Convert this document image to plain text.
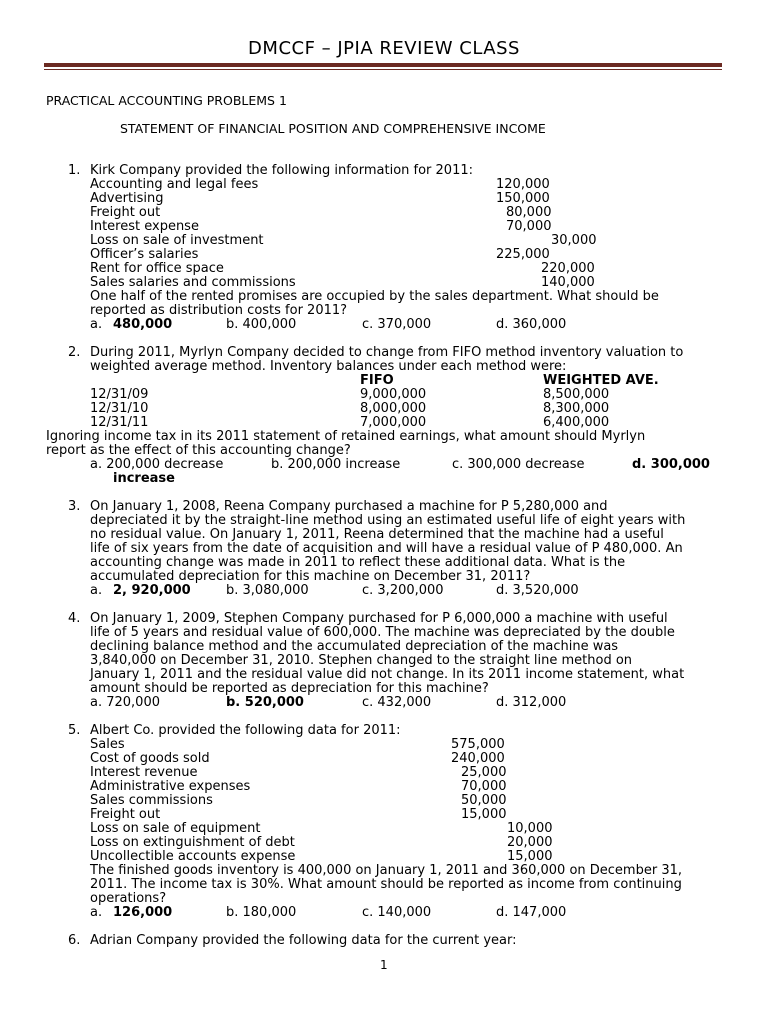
DMCCF – JPIA REVIEW CLASS
PRACTICAL ACCOUNTING PROBLEMS 1
STATEMENT OF FINANCIAL POSITION AND COMPREHENSIVE INCOME
1. Kirk Company provided the following information for 2011:
Accounting and legal fees	120,000
Advertising	150,000
Freight out	80,000
Interest expense	70,000
Loss on sale of investment	30,000
Officer’s salaries	225,000
Rent for office space	220,000
Sales salaries and commissions	140,000
One half of the rented promises are occupied by the sales department. What should be
reported as distribution costs for 2011?
a. 480,000	b. 400,000	c. 370,000	d. 360,000
2. During 2011, Myrlyn Company decided to change from FIFO method inventory valuation to
weighted average method. Inventory balances under each method were:
FIFO	WEIGHTED AVE.
12/31/09	9,000,000	8,500,000
12/31/10	8,000,000	8,300,000
12/31/11	7,000,000	6,400,000
Ignoring income tax in its 2011 statement of retained earnings, what amount should Myrlyn
report as the effect of this accounting change?
a. 200,000 decrease	b. 200,000 increase	c. 300,000 decrease	d. 300,000
increase
3. On January 1, 2008, Reena Company purchased a machine for P 5,280,000 and
depreciated it by the straight-line method using an estimated useful life of eight years with
no residual value. On January 1, 2011, Reena determined that the machine had a useful
life of six years from the date of acquisition and will have a residual value of P 480,000. An
accounting change was made in 2011 to reflect these additional data. What is the
accumulated depreciation for this machine on December 31, 2011?
a. 2, 920,000	b. 3,080,000	c. 3,200,000	d. 3,520,000
4. On January 1, 2009, Stephen Company purchased for P 6,000,000 a machine with useful
life of 5 years and residual value of 600,000. The machine was depreciated by the double
declining balance method and the accumulated depreciation of the machine was
3,840,000 on December 31, 2010. Stephen changed to the straight line method on
January 1, 2011 and the residual value did not change. In its 2011 income statement, what
amount should be reported as depreciation for this machine?
a. 720,000	b. 520,000	c. 432,000	d. 312,000
5. Albert Co. provided the following data for 2011:
Sales	575,000
Cost of goods sold	240,000
Interest revenue	25,000
Administrative expenses	70,000
Sales commissions	50,000
Freight out	15,000
Loss on sale of equipment	10,000
Loss on extinguishment of debt	20,000
Uncollectible accounts expense	15,000
The finished goods inventory is 400,000 on January 1, 2011 and 360,000 on December 31,
2011. The income tax is 30%. What amount should be reported as income from continuing
operations?
a. 126,000	b. 180,000	c. 140,000	d. 147,000
6. Adrian Company provided the following data for the current year:
1
